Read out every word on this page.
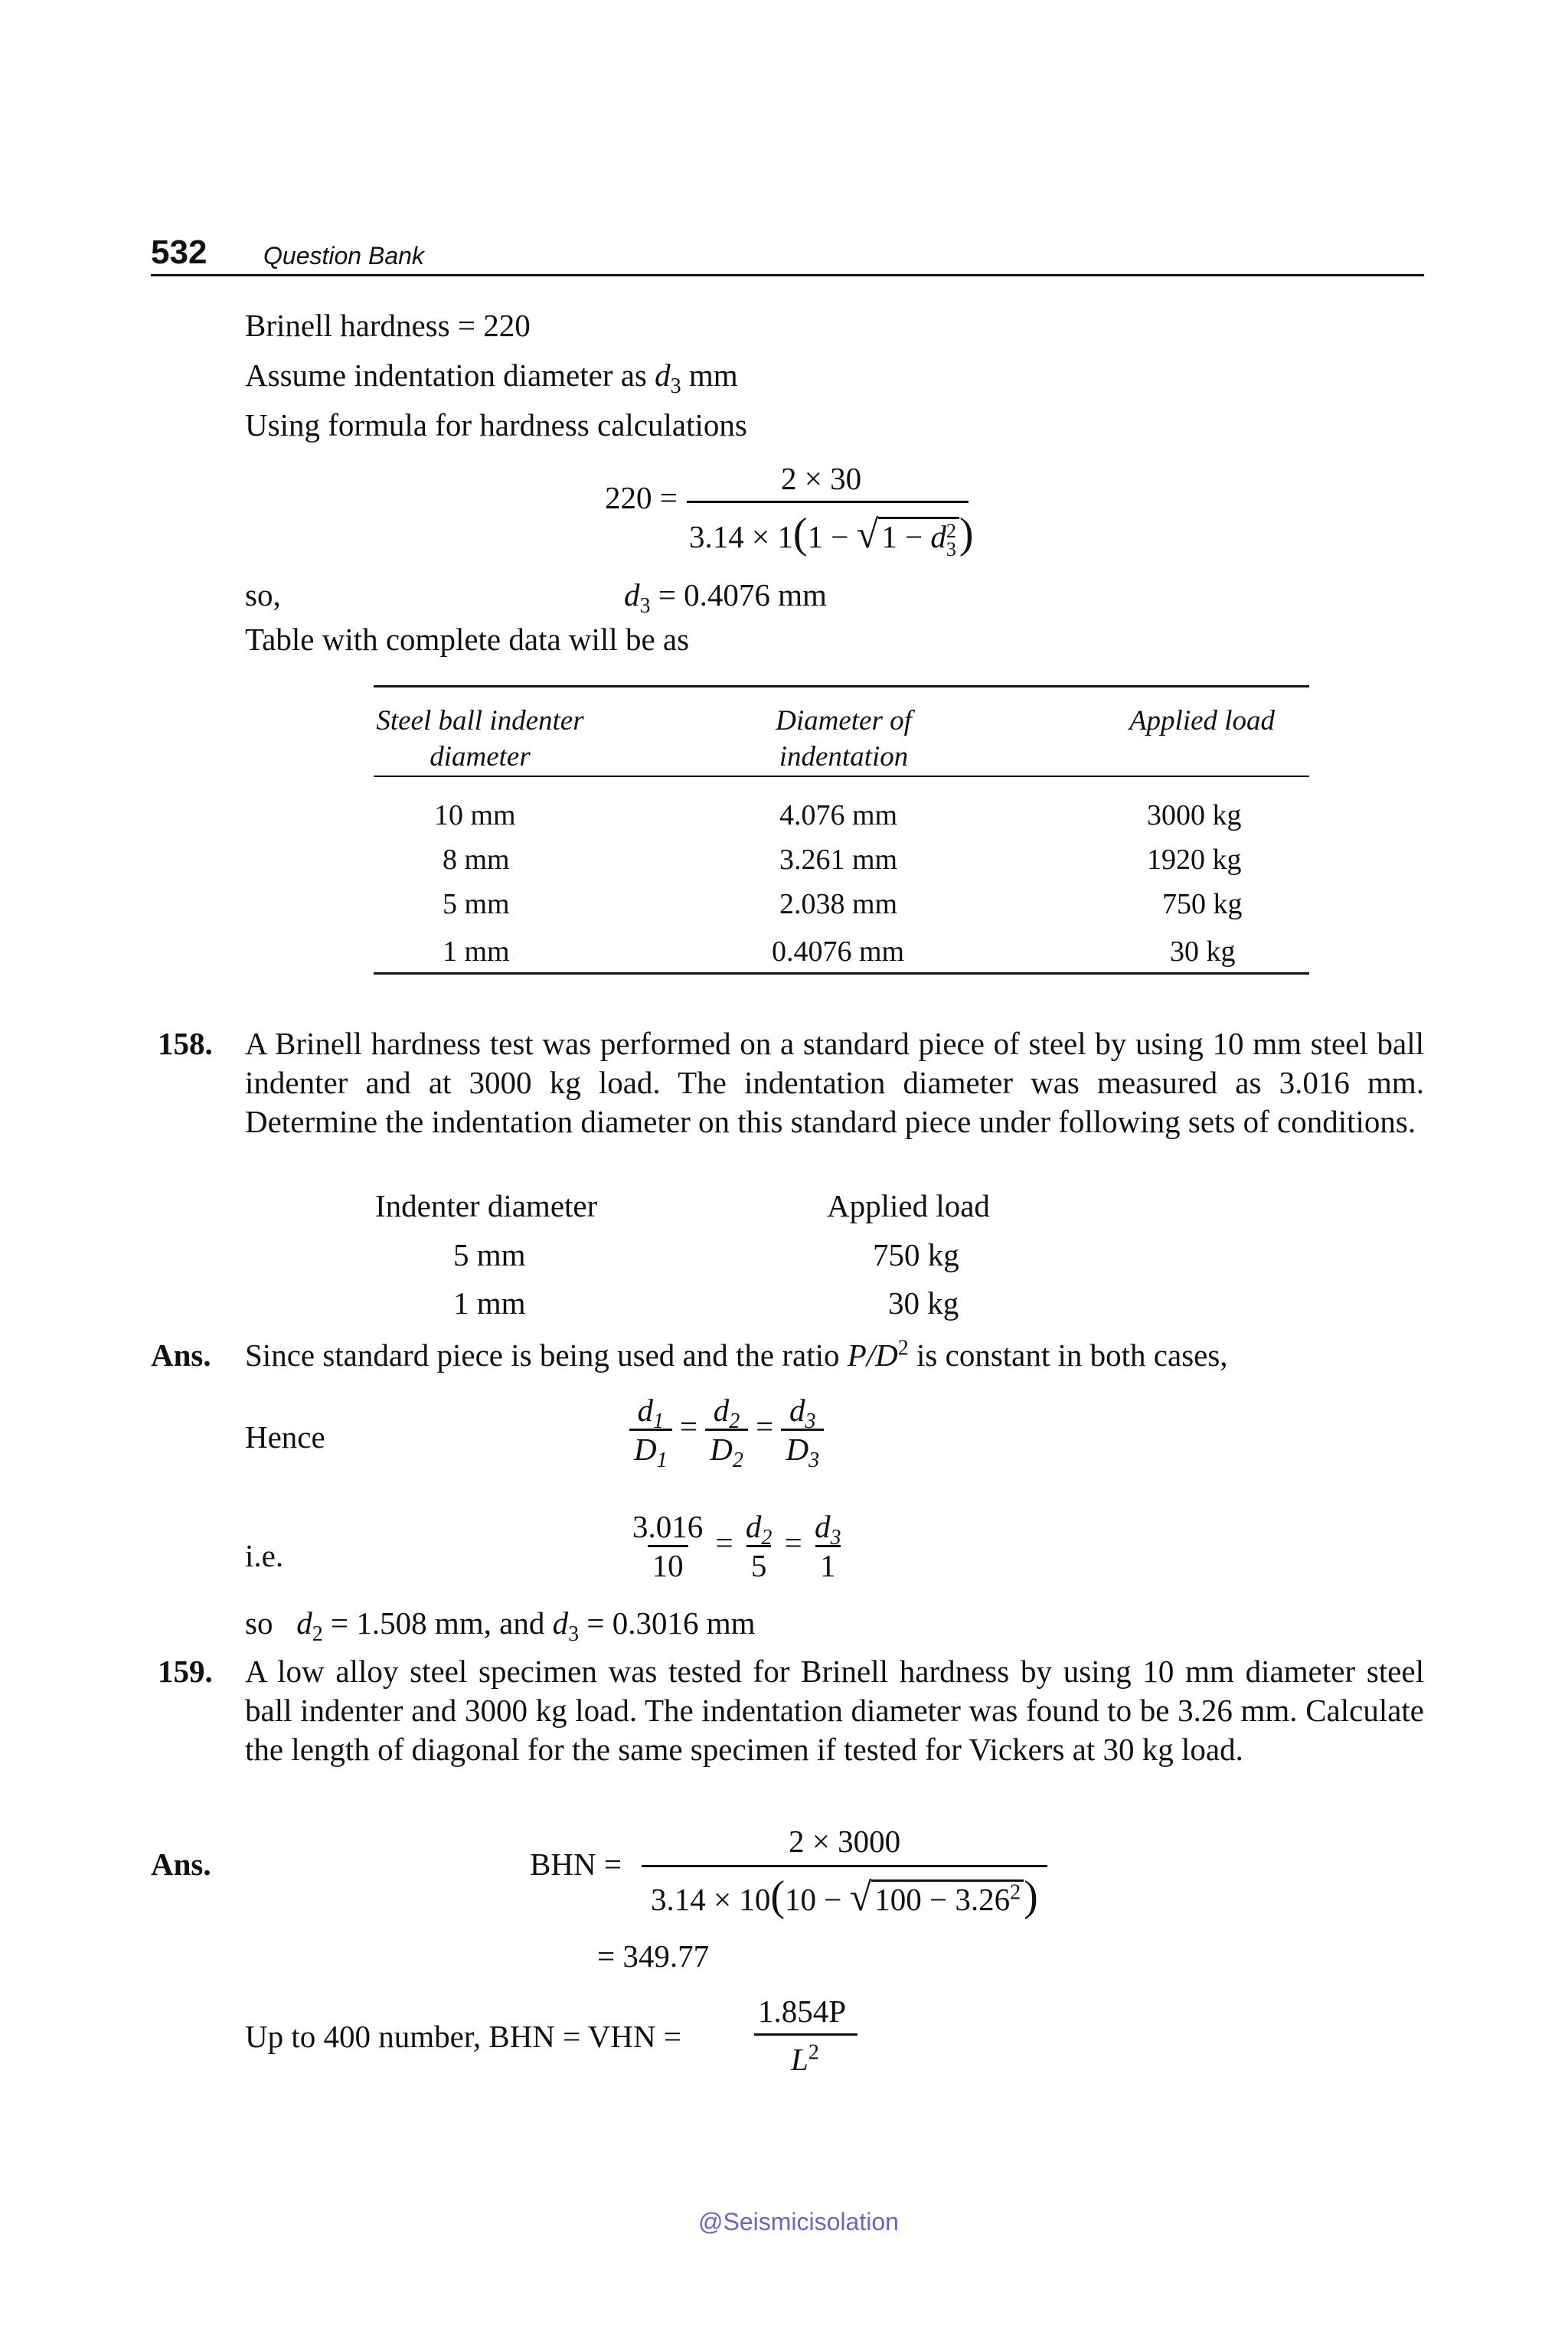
532 Question Bank
Brinell hardness = 220
Assume indentation diameter as $d_3$ mm
Using formula for hardness calculations
220 =
2 × 30
3.14 × 1(1 − √1 − d 2
3 )
so,	$d_3 = 0.4076$ mm
Table with complete data will be as
Steel ball indenter
diameter
Diameter of
indentation
Applied load
10 mm	4.076 mm	3000 kg
8 mm	3.261 mm	1920 kg
5 mm	2.038 mm	750 kg
1 mm	0.4076 mm	30 kg
158. A Brinell hardness test was performed on a standard piece of steel by using 10 mm steel ball indenter and at 3000 kg load. The indentation diameter was measured as 3.016 mm. Determine the indentation diameter on this standard piece under following sets of conditions.
Indenter diameter	Applied load
5 mm	750 kg
1 mm	30 kg
Ans. Since standard piece is being used and the ratio $P/D^2$ is constant in both cases,
Hence	$\frac{d_1}{D_1} = \frac{d_2}{D_2} = \frac{d_3}{D_3}$
i.e.	$\frac{3.016}{10} = \frac{d_2}{5} = \frac{d_3}{1}$
so $d_2 = 1.508$ mm, and $d_3 = 0.3016$ mm
159. A low alloy steel specimen was tested for Brinell hardness by using 10 mm diameter steel ball indenter and 3000 kg load. The indentation diameter was found to be 3.26 mm. Calculate the length of diagonal for the same specimen if tested for Vickers at 30 kg load.
Ans.	BHN =
2 × 3000
$3.14 \times 10(10 - √100 - 3.26^2)$
= 349.77
Up to 400 number, BHN = VHN =
1.854P
$L^2$
@Seismicisolation
